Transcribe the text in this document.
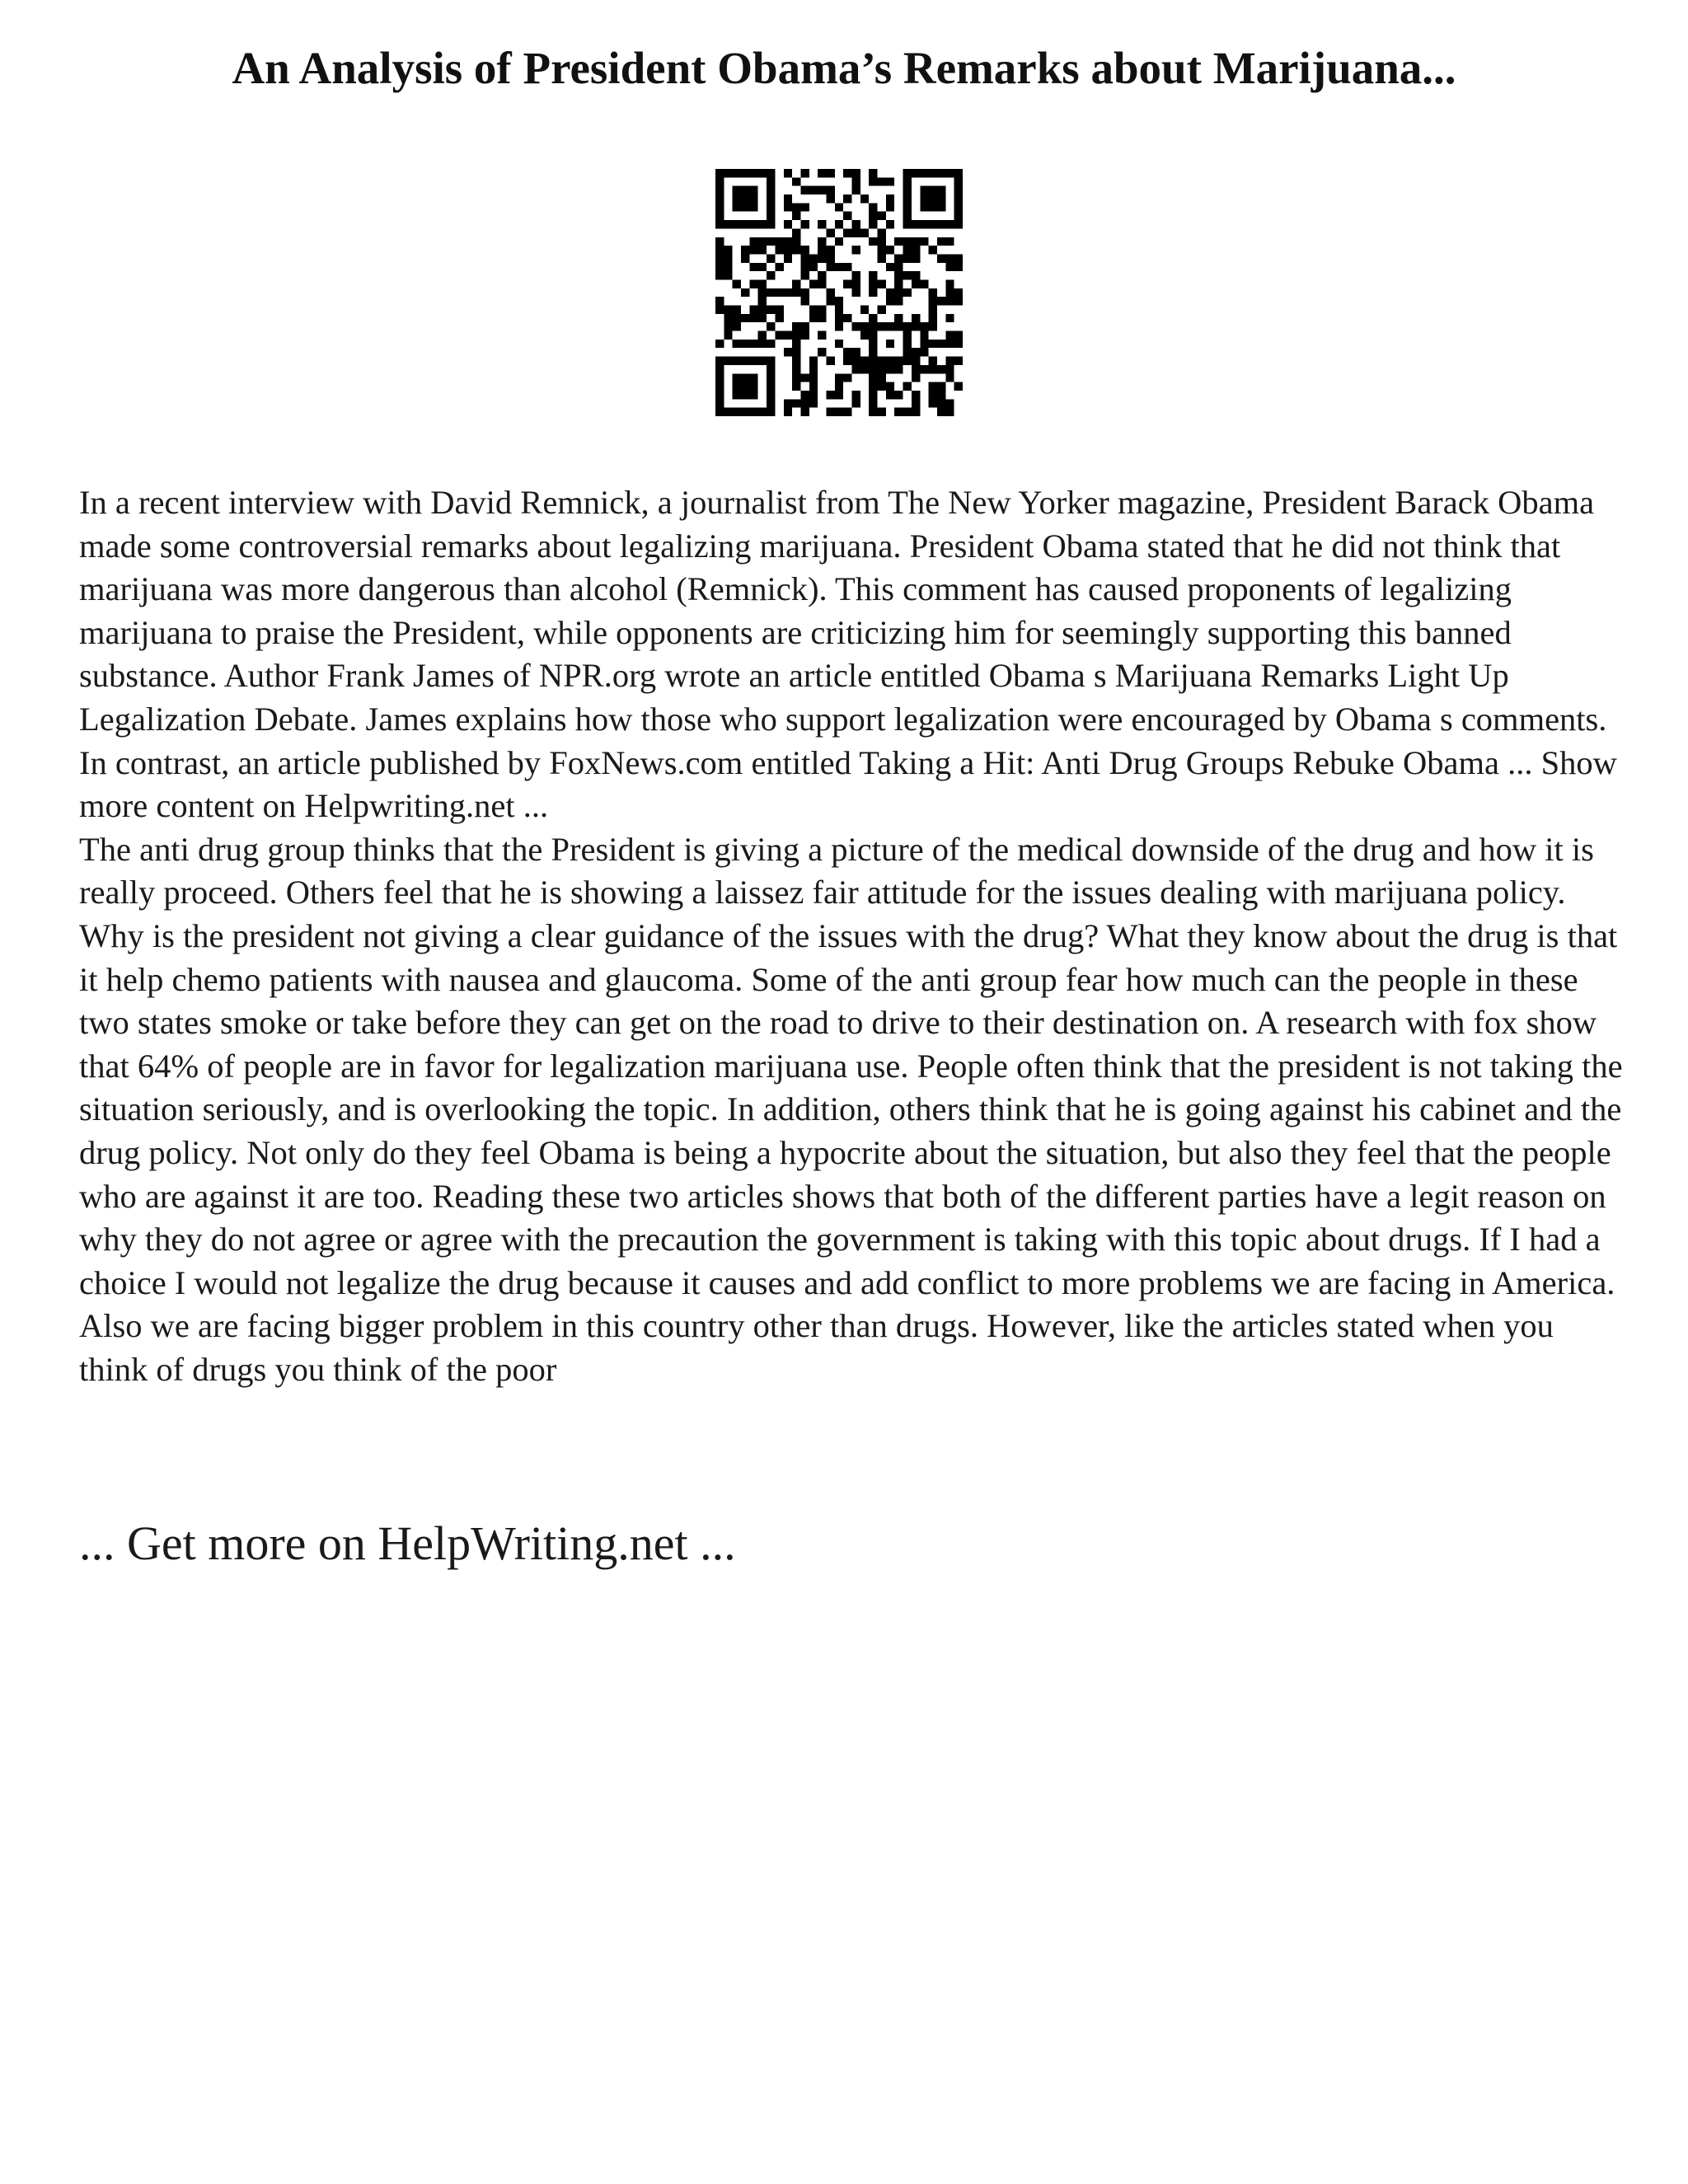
An Analysis of President Obama’s Remarks about Marijuana...

In a recent interview with David Remnick, a journalist from The New Yorker magazine, President Barack Obama made some controversial remarks about legalizing marijuana. President Obama stated that he did not think that marijuana was more dangerous than alcohol (Remnick). This comment has caused proponents of legalizing marijuana to praise the President, while opponents are criticizing him for seemingly supporting this banned substance. Author Frank James of NPR.org wrote an article entitled Obama s Marijuana Remarks Light Up Legalization Debate. James explains how those who support legalization were encouraged by Obama s comments. In contrast, an article published by FoxNews.com entitled Taking a Hit: Anti Drug Groups Rebuke Obama ... Show more content on Helpwriting.net ...

The anti drug group thinks that the President is giving a picture of the medical downside of the drug and how it is really proceed. Others feel that he is showing a laissez fair attitude for the issues dealing with marijuana policy. Why is the president not giving a clear guidance of the issues with the drug? What they know about the drug is that it help chemo patients with nausea and glaucoma. Some of the anti group fear how much can the people in these two states smoke or take before they can get on the road to drive to their destination on. A research with fox show that 64% of people are in favor for legalization marijuana use. People often think that the president is not taking the situation seriously, and is overlooking the topic. In addition, others think that he is going against his cabinet and the drug policy. Not only do they feel Obama is being a hypocrite about the situation, but also they feel that the people who are against it are too. Reading these two articles shows that both of the different parties have a legit reason on why they do not agree or agree with the precaution the government is taking with this topic about drugs. If I had a choice I would not legalize the drug because it causes and add conflict to more problems we are facing in America. Also we are facing bigger problem in this country other than drugs. However, like the articles stated when you think of drugs you think of the poor

... Get more on HelpWriting.net ...
